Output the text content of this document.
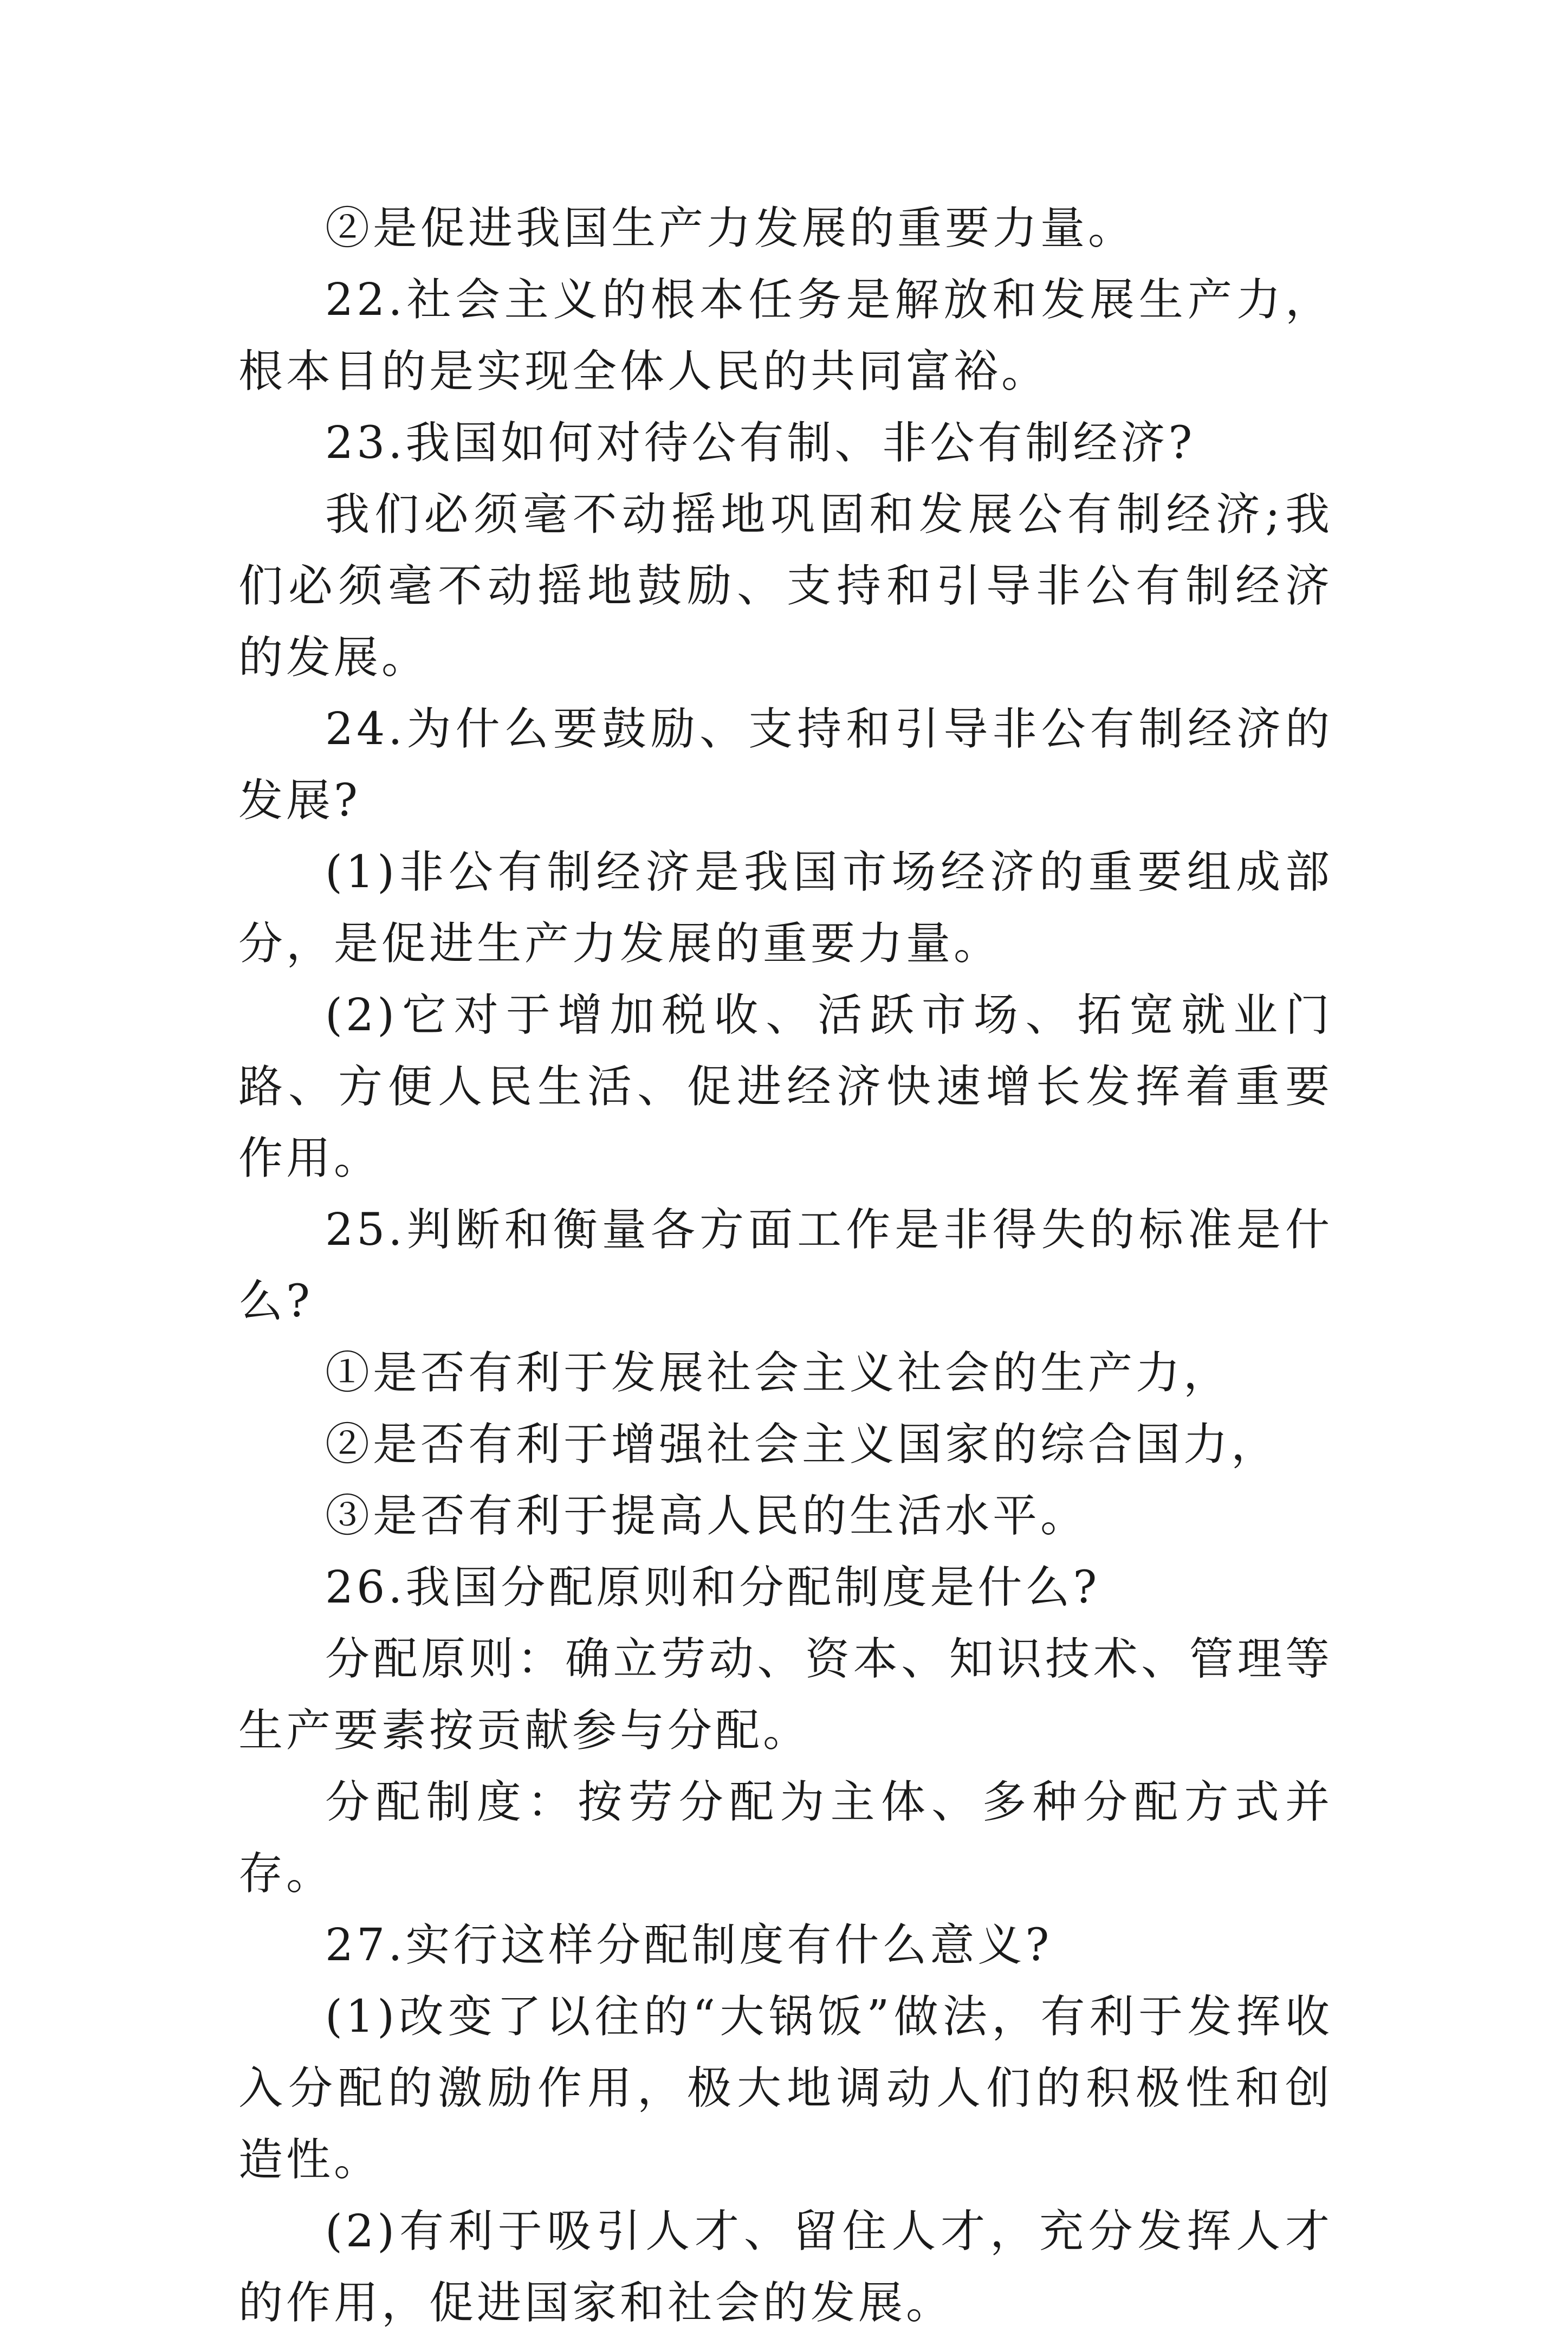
②是促进我国生产力发展的重要力量。

22.社会主义的根本任务是解放和发展生产力，根本目的是实现全体人民的共同富裕。

23.我国如何对待公有制、非公有制经济?

我们必须毫不动摇地巩固和发展公有制经济;我们必须毫不动摇地鼓励、支持和引导非公有制经济的发展。

24.为什么要鼓励、支持和引导非公有制经济的发展?

(1)非公有制经济是我国市场经济的重要组成部分，是促进生产力发展的重要力量。

(2)它对于增加税收、活跃市场、拓宽就业门路、方便人民生活、促进经济快速增长发挥着重要作用。

25.判断和衡量各方面工作是非得失的标准是什么?

①是否有利于发展社会主义社会的生产力，

②是否有利于增强社会主义国家的综合国力，

③是否有利于提高人民的生活水平。

26.我国分配原则和分配制度是什么?

分配原则：确立劳动、资本、知识技术、管理等生产要素按贡献参与分配。

分配制度：按劳分配为主体、多种分配方式并存。

27.实行这样分配制度有什么意义?

(1)改变了以往的“大锅饭”做法，有利于发挥收入分配的激励作用，极大地调动人们的积极性和创造性。

(2)有利于吸引人才、留住人才，充分发挥人才的作用，促进国家和社会的发展。
